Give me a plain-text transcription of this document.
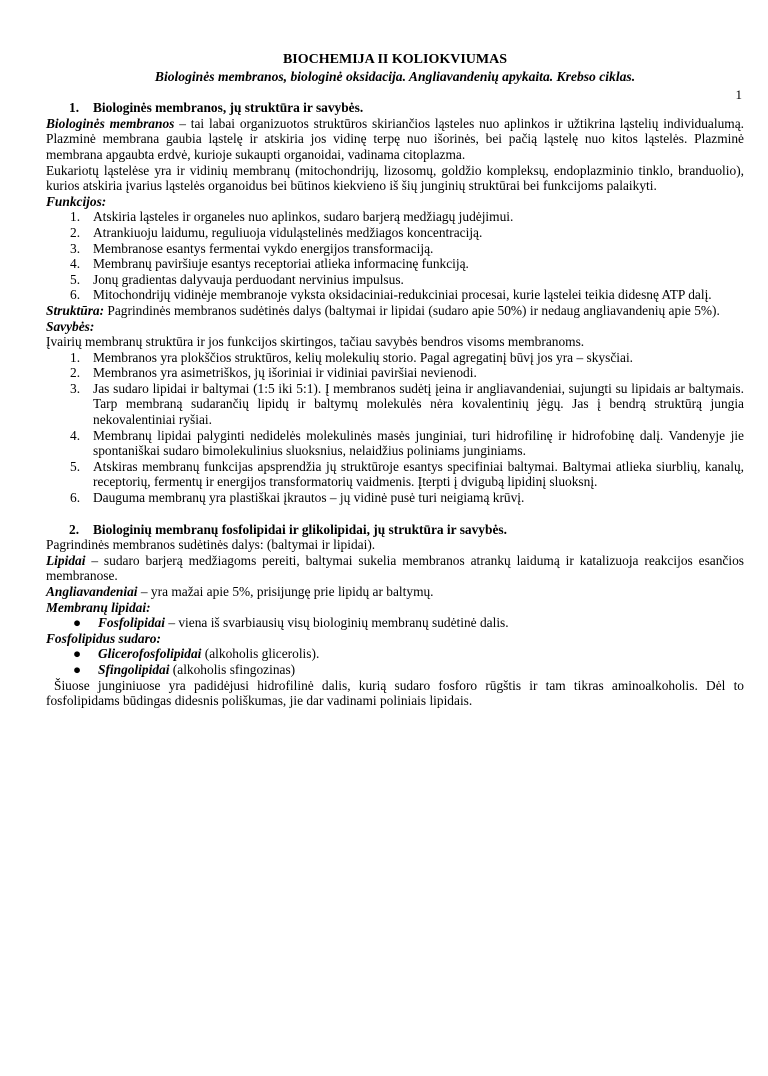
1
BIOCHEMIJA II KOLIOKVIUMAS
Biologinės membranos, biologinė oksidacija. Angliavandenių apykaita. Krebso ciklas.
1. Biologinės membranos, jų struktūra ir savybės.

Biologinės membranos – tai labai organizuotos struktūros skiriančios ląsteles nuo aplinkos ir užtikrina ląstelių individualumą. Plazminė membrana gaubia ląstelę ir atskiria jos vidinę terpę nuo išorinės, bei pačią ląstelę nuo kitos ląstelės. Plazminė membrana apgaubta erdvė, kurioje sukaupti organoidai, vadinama citoplazma.

Eukariotų ląstelėse yra ir vidinių membranų (mitochondrijų, lizosomų, goldžio kompleksų, endoplazminio tinklo, branduolio), kurios atskiria įvarius ląstelės organoidus bei būtinos kiekvieno iš šių junginių struktūrai bei funkcijoms palaikyti.

Funkcijos:

1. Atskiria ląsteles ir organeles nuo aplinkos, sudaro barjerą medžiagų judėjimui.
2. Atrankiuoju laidumu, reguliuoja viduląstelinės medžiagos koncentraciją.
3. Membranose esantys fermentai vykdo energijos transformaciją.
4. Membranų paviršiuje esantys receptoriai atlieka informacinę funkciją.
5. Jonų gradientas dalyvauja perduodant nervinius impulsus.
6. Mitochondrijų vidinėje membranoje vyksta oksidaciniai-redukciniai procesai, kurie ląstelei teikia didesnę ATP dalį.

Struktūra: Pagrindinės membranos sudėtinės dalys (baltymai ir lipidai (sudaro apie 50%) ir nedaug angliavandenių apie 5%).

Savybės:

Įvairių membranų struktūra ir jos funkcijos skirtingos, tačiau savybės bendros visoms membranoms.

1. Membranos yra plokščios struktūros, kelių molekulių storio. Pagal agregatinį būvį jos yra – skysčiai.
2. Membranos yra asimetriškos, jų išoriniai ir vidiniai paviršiai nevienodi.
3. Jas sudaro lipidai ir baltymai (1:5 iki 5:1). Į membranos sudėtį įeina ir angliavandeniai, sujungti su lipidais ar baltymais. Tarp membraną sudarančių lipidų ir baltymų molekulės nėra kovalentinių jėgų. Jas į bendrą struktūrą jungia nekovalentiniai ryšiai.
4. Membranų lipidai palyginti nedidelės molekulinės masės junginiai, turi hidrofilinę ir hidrofobinę dalį. Vandenyje jie spontaniškai sudaro bimolekulinius sluoksnius, nelaidžius poliniams junginiams.
5. Atskiras membranų funkcijas apsprendžia jų struktūroje esantys specifiniai baltymai. Baltymai atlieka siurblių, kanalų, receptorių, fermentų ir energijos transformatorių vaidmenis. Įterpti į dvigubą lipidinį sluoksnį.
6. Dauguma membranų yra plastiškai įkrautos – jų vidinė pusė turi neigiamą krūvį.
2. Biologinių membranų fosfolipidai ir glikolipidai, jų struktūra ir savybės.

Pagrindinės membranos sudėtinės dalys: (baltymai ir lipidai).

Lipidai – sudaro barjerą medžiagoms pereiti, baltymai sukelia membranos atrankų laidumą ir katalizuoja reakcijos esančios membranose.

Angliavandeniai – yra mažai apie 5%, prisijungę prie lipidų ar baltymų.

Membranų lipidai:

● Fosfolipidai – viena iš svarbiausių visų biologinių membranų sudėtinė dalis.

Fosfolipidus sudaro:

● Glicerofosfolipidai (alkoholis glicerolis).
● Sfingolipidai (alkoholis sfingozinas)

Šiuose junginiuose yra padidėjusi hidrofilinė dalis, kurią sudaro fosforo rūgštis ir tam tikras aminoalkoholis. Dėl to fosfolipidams būdingas didesnis poliškumas, jie dar vadinami poliniais lipidais.
